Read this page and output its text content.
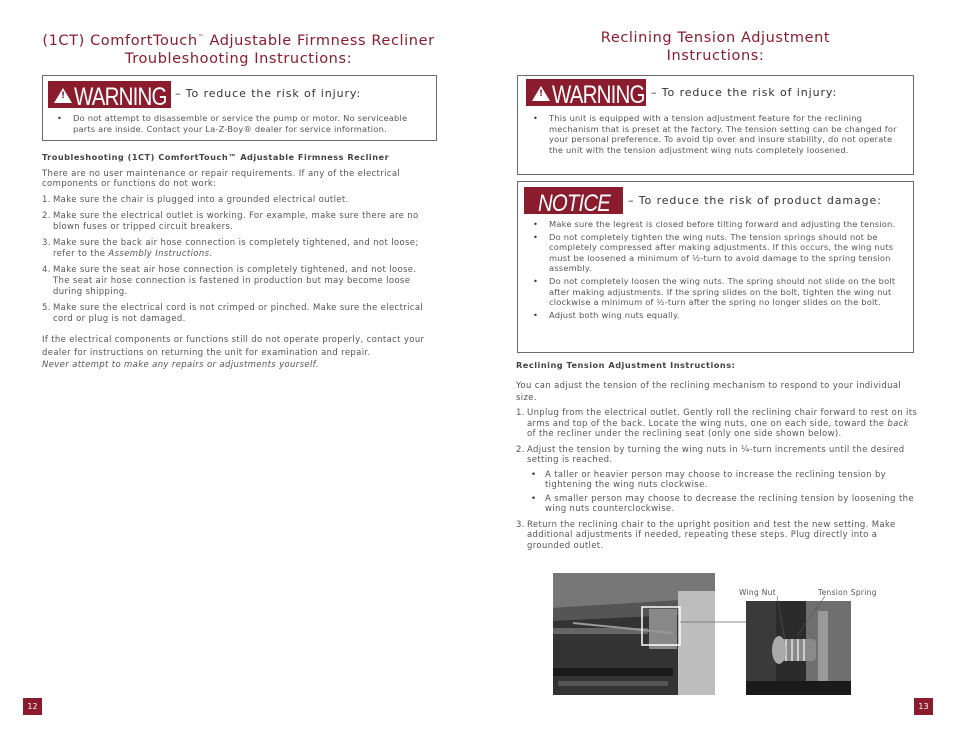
(1CT) ComfortTouch™ Adjustable Firmness Recliner
Troubleshooting Instructions:
! WARNING – To reduce the risk of injury:
• Do not attempt to disassemble or service the pump or motor. No serviceable parts are inside. Contact your La-Z-Boy® dealer for service information.
Troubleshooting (1CT) ComfortTouch™ Adjustable Firmness Recliner
There are no user maintenance or repair requirements. If any of the electrical components or functions do not work:
1. Make sure the chair is plugged into a grounded electrical outlet.
2. Make sure the electrical outlet is working. For example, make sure there are no blown fuses or tripped circuit breakers.
3. Make sure the back air hose connection is completely tightened, and not loose; refer to the Assembly Instructions.
4. Make sure the seat air hose connection is completely tightened, and not loose. The seat air hose connection is fastened in production but may become loose during shipping.
5. Make sure the electrical cord is not crimped or pinched. Make sure the electrical cord or plug is not damaged.
If the electrical components or functions still do not operate properly, contact your dealer for instructions on returning the unit for examination and repair.
Never attempt to make any repairs or adjustments yourself.
12
Reclining Tension Adjustment
Instructions:
! WARNING – To reduce the risk of injury:
• This unit is equipped with a tension adjustment feature for the reclining mechanism that is preset at the factory. The tension setting can be changed for your personal preference. To avoid tip over and insure stability, do not operate the unit with the tension adjustment wing nuts completely loosened.
NOTICE – To reduce the risk of product damage:
• Make sure the legrest is closed before tilting forward and adjusting the tension.
• Do not completely tighten the wing nuts. The tension springs should not be completely compressed after making adjustments. If this occurs, the wing nuts must be loosened a minimum of ½-turn to avoid damage to the spring tension assembly.
• Do not completely loosen the wing nuts. The spring should not slide on the bolt after making adjustments. If the spring slides on the bolt, tighten the wing nut clockwise a minimum of ½-turn after the spring no longer slides on the bolt.
• Adjust both wing nuts equally.
Reclining Tension Adjustment Instructions:
You can adjust the tension of the reclining mechanism to respond to your individual size.
1. Unplug from the electrical outlet. Gently roll the reclining chair forward to rest on its arms and top of the back. Locate the wing nuts, one on each side, toward the back of the recliner under the reclining seat (only one side shown below).
2. Adjust the tension by turning the wing nuts in ¼-turn increments until the desired setting is reached.
• A taller or heavier person may choose to increase the reclining tension by tightening the wing nuts clockwise.
• A smaller person may choose to decrease the reclining tension by loosening the wing nuts counterclockwise.
3. Return the reclining chair to the upright position and test the new setting. Make additional adjustments if needed, repeating these steps. Plug directly into a grounded outlet.
Wing Nut	Tension Spring
13
